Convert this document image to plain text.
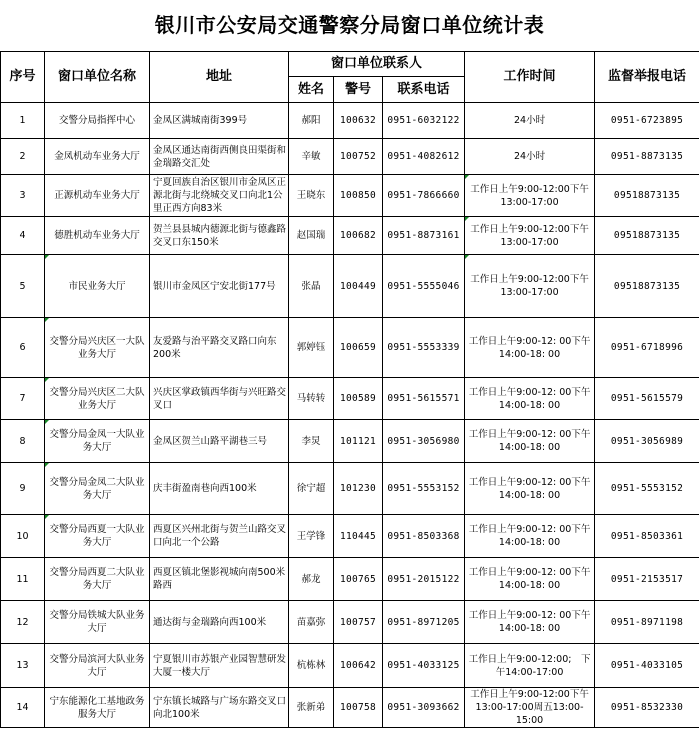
银川市公安局交通警察分局窗口单位统计表
序号	窗口单位名称	地址	窗口单位联系人			工作时间	监督举报电话
			姓名	警号	联系电话		
1	交警分局指挥中心	金凤区满城南街399号	郝阳	100632	0951-6032122	24小时	0951-6723895
2	金凤机动车业务大厅	金凤区通达南街西侧良田渠街和金瑞路交汇处	辛敏	100752	0951-4082612	24小时	0951-8873135
3	正源机动车业务大厅	宁夏回族自治区银川市金凤区正源北街与北绕城交叉口向北1公里正西方向83米	王晓东	100850	0951-7866660	工作日上午9:00-12:00下午13:00-17:00	09518873135
4	德胜机动车业务大厅	贺兰县县城内德源北街与德鑫路交叉口东150米	赵国瑞	100682	0951-8873161	工作日上午9:00-12:00下午13:00-17:00	09518873135
5	市民业务大厅	银川市金凤区宁安北街177号	张晶	100449	0951-5555046	工作日上午9:00-12:00下午13:00-17:00	09518873135
6	交警分局兴庆区一大队业务大厅	友爱路与治平路交叉路口向东200米	郭婷钰	100659	0951-5553339	工作日上午9:00-12: 00下午14:00-18: 00	0951-6718996
7	交警分局兴庆区二大队业务大厅	兴庆区掌政镇西华街与兴旺路交叉口	马转转	100589	0951-5615571	工作日上午9:00-12: 00下午14:00-18: 00	0951-5615579
8	交警分局金凤一大队业务大厅	金凤区贺兰山路平湖巷三号	李炅	101121	0951-3056980	工作日上午9:00-12: 00下午14:00-18: 00	0951-3056989
9	交警分局金凤二大队业务大厅	庆丰街盈南巷向西100米	徐宁超	101230	0951-5553152	工作日上午9:00-12: 00下午14:00-18: 00	0951-5553152
10	交警分局西夏一大队业务大厅	西夏区兴州北街与贺兰山路交叉口向北一个公路	王学锋	110445	0951-8503368	工作日上午9:00-12: 00下午14:00-18: 00	0951-8503361
11	交警分局西夏二大队业务大厅	西夏区镇北堡影视城向南500米路西	郝龙	100765	0951-2015122	工作日上午9:00-12: 00下午14:00-18: 00	0951-2153517
12	交警分局铁城大队业务大厅	通达街与金瑞路向西100米	苗嘉弥	100757	0951-8971205	工作日上午9:00-12: 00下午14:00-18: 00	0951-8971198
13	交警分局滨河大队业务大厅	宁夏银川市苏银产业园智慧研发大厦一楼大厅	杭栋林	100642	0951-4033125	工作日上午9:00-12:00;　下午14:00-17:00	0951-4033105
14	宁东能源化工基地政务服务大厅	宁东镇长城路与广场东路交叉口向北100米	张新弟	100758	0951-3093662	工作日上午9:00-12:00下午13:00-17:00周五13:00-15:00	0951-8532330
